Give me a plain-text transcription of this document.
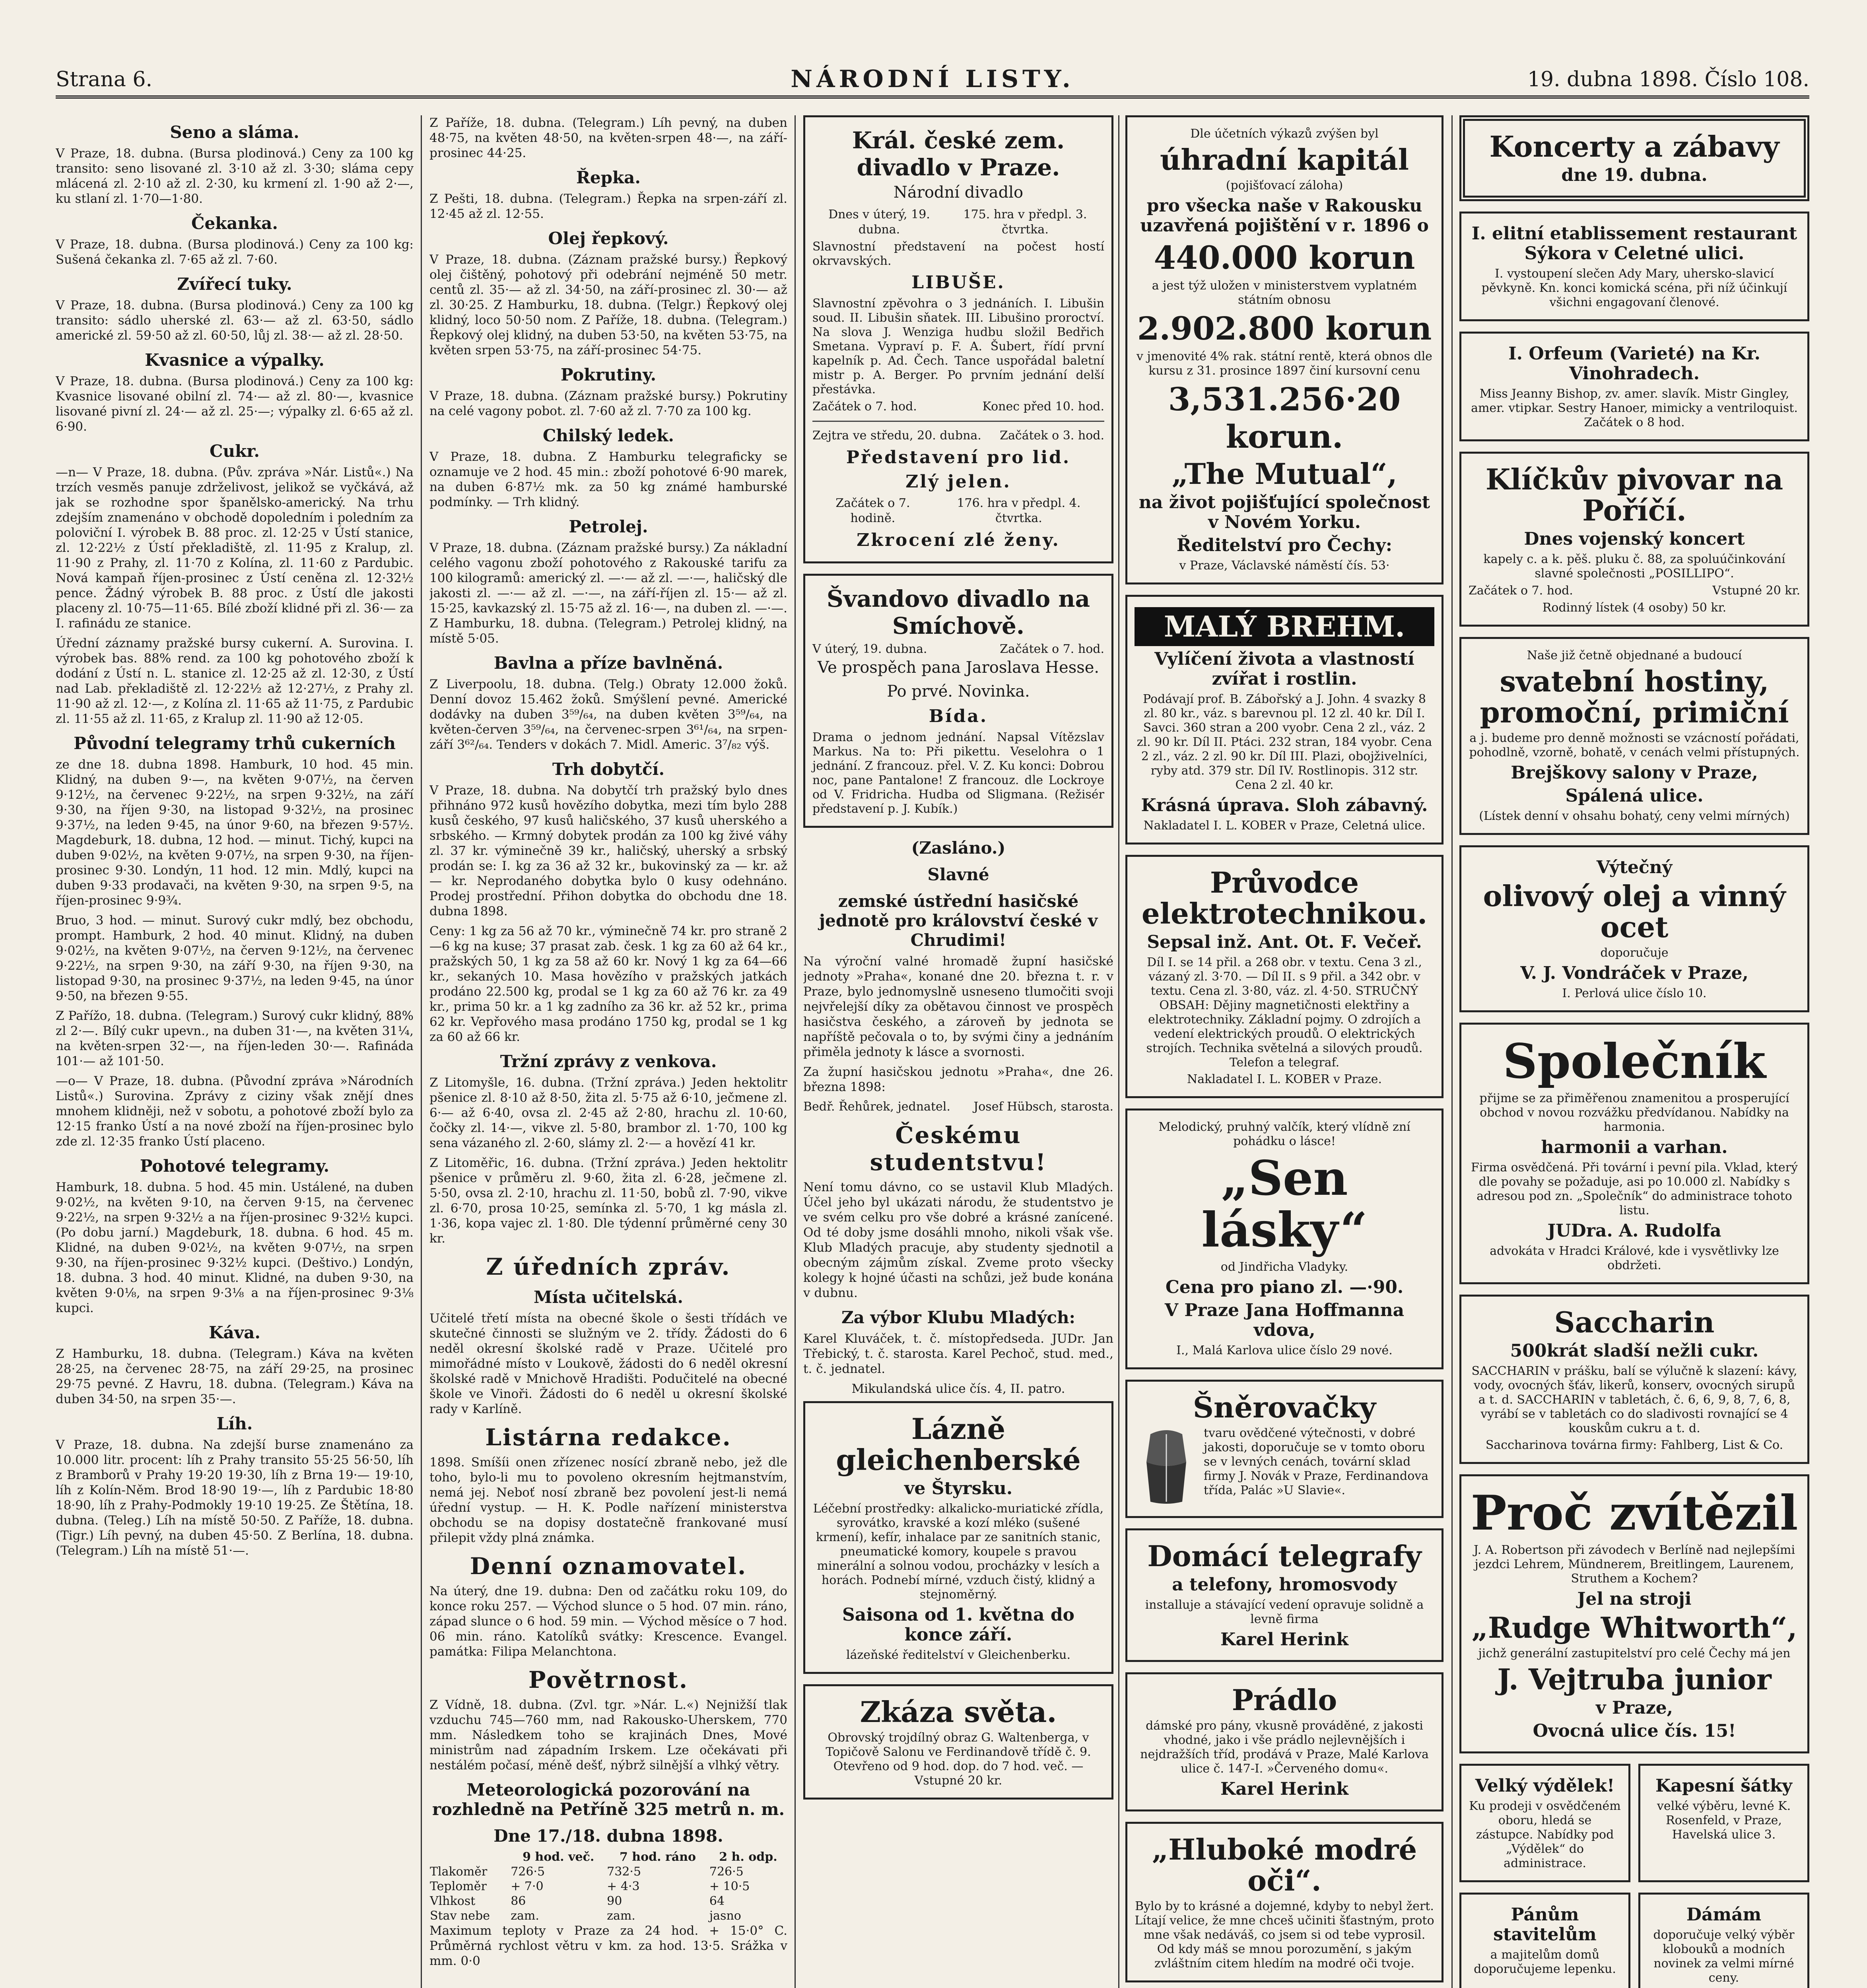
Strana 6.	NÁRODNÍ LISTY.	19. dubna 1898. Číslo 108.
Seno a sláma.

V Praze, 18. dubna. (Bursa plodinová.) Ceny za 100 kg transito: seno lisované zl. 3·10 až zl. 3·30; sláma cepy mlácená zl. 2·10 až zl. 2·30, ku krmení zl. 1·90 až 2·—, ku stlaní zl. 1·70—1·80.

Čekanka.

V Praze, 18. dubna. (Bursa plodinová.) Ceny za 100 kg: Sušená čekanka zl. 7·65 až zl. 7·60.

Zvířecí tuky.

V Praze, 18. dubna. (Bursa plodinová.) Ceny za 100 kg transito: sádlo uherské zl. 63·— až zl. 63·50, sádlo americké zl. 59·50 až zl. 60·50, lůj zl. 38·— až zl. 28·50.

Kvasnice a výpalky.

V Praze, 18. dubna. (Bursa plodinová.) Ceny za 100 kg: Kvasnice lisované obilní zl. 74·— až zl. 80·—, kvasnice lisované pivní zl. 24·— až zl. 25·—; výpalky zl. 6·65 až zl. 6·90.

Cukr.

—n— V Praze, 18. dubna. (Pův. zpráva »Nár. Listů«.) Na trzích vesměs panuje zdrželivost, jelikož se vyčkává, až jak se rozhodne spor španělsko-americký. Na trhu zdejším znamenáno v obchodě dopoledním i poledním za poloviční I. výrobek B. 88 proc. zl. 12·25 v Ústí stanice, zl. 12·22½ z Ústí překladiště, zl. 11·95 z Kralup, zl. 11·90 z Prahy, zl. 11·70 z Kolína, zl. 11·60 z Pardubic. Nová kampaň říjen-prosinec z Ústí ceněna zl. 12·32½ pence. Žádný výrobek B. 88 proc. z Ústí dle jakosti placeny zl. 10·75—11·65. Bílé zboží klidné při zl. 36·— za I. rafinádu ze stanice.

Úřední záznamy pražské bursy cukerní. A. Surovina. I. výrobek bas. 88% rend. za 100 kg pohotového zboží k dodání z Ústí n. L. stanice zl. 12·25 až zl. 12·30, z Ústí nad Lab. překladiště zl. 12·22½ až 12·27½, z Prahy zl. 11·90 až zl. 12·—, z Kolína zl. 11·65 až 11·75, z Pardubic zl. 11·55 až zl. 11·65, z Kralup zl. 11·90 až 12·05.

Původní telegramy trhů cukerních

ze dne 18. dubna 1898. Hamburk, 10 hod. 45 min. Klidný, na duben 9·—, na květen 9·07½, na červen 9·12½, na červenec 9·22½, na srpen 9·32½, na září 9·30, na říjen 9·30, na listopad 9·32½, na prosinec 9·37½, na leden 9·45, na únor 9·60, na březen 9·57½. Magdeburk, 18. dubna, 12 hod. — minut. Tichý, kupci na duben 9·02½, na květen 9·07½, na srpen 9·30, na říjen-prosinec 9·30. Londýn, 11 hod. 12 min. Mdlý, kupci na duben 9·33 prodavači, na květen 9·30, na srpen 9·5, na říjen-prosinec 9·9¾.

Bruo, 3 hod. — minut. Surový cukr mdlý, bez obchodu, prompt. Hamburk, 2 hod. 40 minut. Klidný, na duben 9·02½, na květen 9·07½, na červen 9·12½, na červenec 9·22½, na srpen 9·30, na září 9·30, na říjen 9·30, na listopad 9·30, na prosinec 9·37½, na leden 9·45, na únor 9·50, na březen 9·55.

Z Pařížo, 18. dubna. (Telegram.) Surový cukr klidný, 88% zl 2·—. Bílý cukr upevn., na duben 31·—, na květen 31¼, na květen-srpen 32·—, na říjen-leden 30·—. Rafináda 101·— až 101·50.

—o— V Praze, 18. dubna. (Původní zpráva »Národních Listů«.) Surovina. Zprávy z ciziny však znějí dnes mnohem klidněji, než v sobotu, a pohotové zboží bylo za 12·15 franko Ústí a na nové zboží na říjen-prosinec bylo zde zl. 12·35 franko Ústí placeno.

Pohotové telegramy.

Hamburk, 18. dubna. 5 hod. 45 min. Ustálené, na duben 9·02½, na květen 9·10, na červen 9·15, na červenec 9·22½, na srpen 9·32½ a na říjen-prosinec 9·32½ kupci. (Po dobu jarní.) Magdeburk, 18. dubna. 6 hod. 45 m. Klidné, na duben 9·02½, na květen 9·07½, na srpen 9·30, na říjen-prosinec 9·32½ kupci. (Deštivo.) Londýn, 18. dubna. 3 hod. 40 minut. Klidné, na duben 9·30, na květen 9·0⅛, na srpen 9·3⅛ a na říjen-prosinec 9·3⅛ kupci.

Káva.

Z Hamburku, 18. dubna. (Telegram.) Káva na květen 28·25, na červenec 28·75, na září 29·25, na prosinec 29·75 pevné. Z Havru, 18. dubna. (Telegram.) Káva na duben 34·50, na srpen 35·—.

Líh.

V Praze, 18. dubna. Na zdejší burse znamenáno za 10.000 litr. procent: líh z Prahy transito 55·25 56·50, líh z Bramborů v Prahy 19·20 19·30, líh z Brna 19·— 19·10, líh z Kolín-Něm. Brod 18·90 19·—, líh z Pardubic 18·80 18·90, líh z Prahy-Podmokly 19·10 19·25. Ze Štětína, 18. dubna. (Teleg.) Líh na místě 50·50. Z Paříže, 18. dubna. (Tigr.) Líh pevný, na duben 45·50. Z Berlína, 18. dubna. (Telegram.) Líh na místě 51·—.

Z Paříže, 18. dubna. (Telegram.) Líh pevný, na duben 48·75, na květen 48·50, na květen-srpen 48·—, na září-prosinec 44·25.

Řepka.

Z Pešti, 18. dubna. (Telegram.) Řepka na srpen-září zl. 12·45 až zl. 12·55.

Olej řepkový.

V Praze, 18. dubna. (Záznam pražské bursy.) Řepkový olej čištěný, pohotový při odebrání nejméně 50 metr. centů zl. 35·— až zl. 34·50, na září-prosinec zl. 30·— až zl. 30·25. Z Hamburku, 18. dubna. (Telgr.) Řepkový olej klidný, loco 50·50 nom. Z Paříže, 18. dubna. (Telegram.) Řepkový olej klidný, na duben 53·50, na květen 53·75, na květen srpen 53·75, na září-prosinec 54·75.

Pokrutiny.

V Praze, 18. dubna. (Záznam pražské bursy.) Pokrutiny na celé vagony pobot. zl. 7·60 až zl. 7·70 za 100 kg.

Chilský ledek.

V Praze, 18. dubna. Z Hamburku telegraficky se oznamuje ve 2 hod. 45 min.: zboží pohotové 6·90 marek, na duben 6·87½ mk. za 50 kg známé hamburské podmínky. — Trh klidný.

Petrolej.

V Praze, 18. dubna. (Záznam pražské bursy.) Za nákladní celého vagonu zboží pohotového z Rakouské tarifu za 100 kilogramů: americký zl. —·— až zl. —·—, haličský dle jakosti zl. —·— až zl. —·—, na září-říjen zl. 15·— až zl. 15·25, kavkazský zl. 15·75 až zl. 16·—, na duben zl. —·—. Z Hamburku, 18. dubna. (Telegram.) Petrolej klidný, na místě 5·05.

Bavlna a příze bavlněná.

Z Liverpoolu, 18. dubna. (Telg.) Obraty 12.000 žoků. Denní dovoz 15.462 žoků. Smýšlení pevné. Americké dodávky na duben 3⁵⁹/₆₄, na duben květen 3⁵⁹/₆₄, na květen-červen 3⁵⁹/₆₄, na červenec-srpen 3⁶¹/₆₄, na srpen-září 3⁶²/₆₄. Tenders v dokách 7. Midl. Americ. 3⁷/₈₂ výš.

Trh dobytčí.

V Praze, 18. dubna. Na dobytčí trh pražský bylo dnes přihnáno 972 kusů hovězího dobytka, mezi tím bylo 288 kusů českého, 97 kusů haličského, 37 kusů uherského a srbského. — Krmný dobytek prodán za 100 kg živé váhy zl. 37 kr. výminečně 39 kr., haličský, uherský a srbský prodán se: I. kg za 36 až 32 kr., bukovinský za — kr. až — kr. Neprodaného dobytka bylo 0 kusy odehnáno. Prodej prostřední. Přihon dobytka do obchodu dne 18. dubna 1898.

Ceny: 1 kg za 56 až 70 kr., výminečně 74 kr. pro straně 2—6 kg na kuse; 37 prasat zab. česk. 1 kg za 60 až 64 kr., pražských 50, 1 kg za 58 až 60 kr. Nový 1 kg za 64—66 kr., sekaných 10. Masa hovězího v pražských jatkách prodáno 22.500 kg, prodal se 1 kg za 60 až 76 kr. za 49 kr., prima 50 kr. a 1 kg zadního za 36 kr. až 52 kr., prima 62 kr. Vepřového masa prodáno 1750 kg, prodal se 1 kg za 60 až 66 kr.

Tržní zprávy z venkova.

Z Litomyšle, 16. dubna. (Tržní zpráva.) Jeden hektolitr pšenice zl. 8·10 až 8·50, žita zl. 5·75 až 6·10, ječmene zl. 6·— až 6·40, ovsa zl. 2·45 až 2·80, hrachu zl. 10·60, čočky zl. 14·—, vikve zl. 5·80, brambor zl. 1·70, 100 kg sena vázaného zl. 2·60, slámy zl. 2·— a hovězí 41 kr.

Z Litoměřic, 16. dubna. (Tržní zpráva.) Jeden hektolitr pšenice v průměru zl. 9·60, žita zl. 6·28, ječmene zl. 5·50, ovsa zl. 2·10, hrachu zl. 11·50, bobů zl. 7·90, vikve zl. 6·70, prosa 10·25, semínka zl. 5·70, 1 kg másla zl. 1·36, kopa vajec zl. 1·80. Dle týdenní průměrné ceny 30 kr.

Z úředních zpráv.
Místa učitelská.

Učitelé třetí místa na obecné škole o šesti třídách ve skutečné činnosti se služným ve 2. třídy. Žádosti do 6 neděl okresní školské radě v Praze. Učitelé pro mimořádné místo v Loukově, žádosti do 6 neděl okresní školské radě v Mnichově Hradišti. Podučitelé na obecné škole ve Vinoři. Žádosti do 6 neděl u okresní školské rady v Karlíně.

Listárna redakce.

1898. Smíšíi onen zřízenec nosící zbraně nebo, jež dle toho, bylo-li mu to povoleno okresním hejtmanstvím, nemá jej. Neboť nosí zbraně bez povolení jest-li nemá úřední vystup. — H. K. Podle nařízení ministerstva obchodu se na dopisy dostatečně frankované musí přilepit vždy plná známka.

Denní oznamovatel.

Na úterý, dne 19. dubna: Den od začátku roku 109, do konce roku 257. — Východ slunce o 5 hod. 07 min. ráno, západ slunce o 6 hod. 59 min. — Východ měsíce o 7 hod. 06 min. ráno. Katolíků svátky: Krescence. Evangel. památka: Filipa Melanchtona.

Povětrnost.

Z Vídně, 18. dubna. (Zvl. tgr. »Nár. L.«) Nejnižší tlak vzduchu 745—760 mm, nad Rakousko-Uherskem, 770 mm. Následkem toho se krajinách Dnes, Mové ministrům nad západním Irskem. Lze očekávati při nestálém počasí, méně dešť, nýbrž silnější a vlhký větry.

Meteorologická pozorování na rozhledně na Petříně 325 metrů n. m.
Dne 17./18. dubna 1898.
	9 hod. več.	7 hod. ráno	2 h. odp.
Tlakoměr	726·5	732·5	726·5
Teploměr	+ 7·0	+ 4·3	+ 10·5
Vlhkost	86	90	64
Stav nebe	zam.	zam.	jasno

Maximum teploty v Praze za 24 hod. + 15·0° C. Průměrná rychlost větru v km. za hod. 13·5. Srážka v mm. 0·0

Král. české zem. divadlo v Praze.
Národní divadlo
Dnes v úterý, 19. dubna.
175. hra v předpl. 3. čtvrtka.

Slavnostní představení na počest hostí okrvavských.

LIBUŠE.

Slavnostní zpěvohra o 3 jednáních. I. Libušin soud. II. Libušin sňatek. III. Libušino proroctví. Na slova J. Wenziga hudbu složil Bedřich Smetana. Vypraví p. F. A. Šubert, řídí první kapelník p. Ad. Čech. Tance uspořádal baletní mistr p. A. Berger. Po prvním jednání delší přestávka.

Začátek o 7. hod.	Konec před 10. hod.
Zejtra ve středu, 20. dubna. Začátek o 3. hod.
Představení pro lid.
Zlý jelen.
Začátek o 7. hodině.
176. hra v předpl. 4. čtvrtka.
Zkrocení zlé ženy.
Švandovo divadlo na Smíchově.
V úterý, 19. dubna.	Začátek o 7. hod.
Ve prospěch pana Jaroslava Hesse.
Po prvé. Novinka.
Bída.

Drama o jednom jednání. Napsal Vítězslav Markus. Na to: Při pikettu. Veselohra o 1 jednání. Z francouz. přel. V. Z. Ku konci: Dobrou noc, pane Pantalone! Z francouz. dle Lockroye od V. Fridricha. Hudba od Sligmana. (Režisér představení p. J. Kubík.)

(Zasláno.)
Slavné
zemské ústřední hasičské jednotě pro království české v Chrudimi!

Na výroční valné hromadě župní hasičské jednoty »Praha«, konané dne 20. března t. r. v Praze, bylo jednomyslně usneseno tlumočiti svoji nejvřelejší díky za obětavou činnost ve prospěch hasičstva českého, a zároveň by jednota se napříště pečovala o to, by svými činy a jednáním přiměla jednoty k lásce a svornosti.

Za župní hasičskou jednotu »Praha«, dne 26. března 1898:

Bedř. Řehůrek, jednatel. Josef Hübsch, starosta.
Českému studentstvu!

Není tomu dávno, co se ustavil Klub Mladých. Účel jeho byl ukázati národu, že studentstvo je ve svém celku pro vše dobré a krásné zanícené. Od té doby jsme dosáhli mnoho, nikoli však vše. Klub Mladých pracuje, aby studenty sjednotil a obecným zájmům získal. Zveme proto všecky kolegy k hojné účasti na schůzi, jež bude konána v dubnu.

Za výbor Klubu Mladých:

Karel Kluváček, t. č. místopředseda. JUDr. Jan Třebický, t. č. starosta. Karel Pechoč, stud. med., t. č. jednatel.

Mikulandská ulice čís. 4, II. patro.

Lázně gleichenberské
ve Štyrsku.

Léčební prostředky: alkalicko-muriatické zřídla, syrovátko, kravské a kozí mléko (sušené krmení), kefír, inhalace par ze sanitních stanic, pneumatické komory, koupele s pravou minerální a solnou vodou, procházky v lesích a horách. Podnebí mírné, vzduch čistý, klidný a stejnoměrný.

Saisona od 1. května do konce září.

lázeňské ředitelství v Gleichenberku.

Zkáza světa.

Obrovský trojdílný obraz G. Waltenberga, v Topičově Salonu ve Ferdinandově třídě č. 9. Otevřeno od 9 hod. dop. do 7 hod. več. — Vstupné 20 kr.

Dle účetních výkazů zvýšen byl

úhradní kapitál

(pojišťovací záloha)

pro všecka naše v Rakousku uzavřená pojištění v r. 1896 o
440.000 korun

a jest týž uložen v ministerstvem vyplatném státním obnosu

2.902.800 korun

v jmenovité 4% rak. státní rentě, která obnos dle kursu z 31. prosince 1897 činí kursovní cenu

3,531.256·20 korun.
„The Mutual“,
na život pojišťující společnost v Novém Yorku.
Ředitelství pro Čechy:

v Praze, Václavské náměstí čís. 53·

MALÝ BREHM.
Vylíčení života a vlastností zvířat i rostlin.

Podávají prof. B. Zábořský a J. John. 4 svazky 8 zl. 80 kr., váz. s barevnou pl. 12 zl. 40 kr. Díl I. Savci. 360 stran a 200 vyobr. Cena 2 zl., váz. 2 zl. 90 kr. Díl II. Ptáci. 232 stran, 184 vyobr. Cena 2 zl., váz. 2 zl. 90 kr. Díl III. Plazi, obojživelníci, ryby atd. 379 str. Díl IV. Rostlinopis. 312 str. Cena 2 zl. 40 kr.

Krásná úprava. Sloh zábavný.

Nakladatel I. L. KOBER v Praze, Celetná ulice.

Průvodce elektrotechnikou.
Sepsal inž. Ant. Ot. F. Večeř.

Díl I. se 14 přil. a 268 obr. v textu. Cena 3 zl., vázaný zl. 3·70. — Díl II. s 9 přil. a 342 obr. v textu. Cena zl. 3·80, váz. zl. 4·50. STRUČNÝ OBSAH: Dějiny magnetičnosti elektřiny a elektrotechniky. Základní pojmy. O zdrojích a vedení elektrických proudů. O elektrických strojích. Technika světelná a silových proudů. Telefon a telegraf.

Nakladatel I. L. KOBER v Praze.

Melodický, pruhný valčík, který vlídně zní pohádku o lásce!

„Sen lásky“

od Jindřicha Vladyky.

Cena pro piano zl. —·90.
V Praze Jana Hoffmanna vdova,

I., Malá Karlova ulice číslo 29 nové.

Šněrovačky

tvaru ovědčené výtečnosti, v dobré jakosti, doporučuje se v tomto oboru se v levných cenách, tovární sklad firmy J. Novák v Praze, Ferdinandova třída, Palác »U Slavie«.

Domácí telegrafy
a telefony, hromosvody

installuje a stávající vedení opravuje solidně a levně firma

Karel Herink
Prádlo

dámské pro pány, vkusně prováděné, z jakosti vhodné, jako i vše prádlo nejlevnějších i nejdražších tříd, prodává v Praze, Malé Karlova ulice č. 147-I. »Červeného domu«.

Karel Herink
„Hluboké modré oči“.

Bylo by to krásné a dojemné, kdyby to nebyl žert. Lítají velice, že mne chceš učiniti šťastným, proto mne však nedáváš, co jsem si od tebe vyprosil. Od kdy máš se mnou porozumění, s jakým zvláštním citem hledím na modré oči tvoje.

Koncerty a zábavy
dne 19. dubna.
I. elitní etablissement restaurant Sýkora v Celetné ulici.

I. vystoupení slečen Ady Mary, uhersko-slavicí pěvkyně. Kn. konci komická scéna, při níž účinkují všichni engagovaní členové.

I. Orfeum (Varieté) na Kr. Vinohradech.

Miss Jeanny Bishop, zv. amer. slavík. Mistr Gingley, amer. vtipkar. Sestry Hanoer, mimicky a ventriloquist. Začátek o 8 hod.

Klíčkův pivovar na Poříčí.
Dnes vojenský koncert

kapely c. a k. pěš. pluku č. 88, za spoluúčinkování slavné společnosti „POSILLIPO“.

Začátek o 7. hod.	Vstupné 20 kr.

Rodinný lístek (4 osoby) 50 kr.

Naše již četně objednané a budoucí

svatební hostiny, promoční, primiční

a j. budeme pro denně možnosti se vzácností pořádati, pohodlně, vzorně, bohatě, v cenách velmi přístupných.

Brejškovy salony v Praze,
Spálená ulice.

(Lístek denní v ohsahu bohatý, ceny velmi mírných)

Výtečný
olivový olej a vinný ocet

doporučuje

V. J. Vondráček v Praze,

I. Perlová ulice číslo 10.

Společník

přijme se za přiměřenou znamenitou a prosperující obchod v novou rozvážku předvídanou. Nabídky na harmonia.

harmonii a varhan.

Firma osvědčená. Při tovární i pevní pila. Vklad, který dle povahy se požaduje, asi po 10.000 zl. Nabídky s adresou pod zn. „Společník“ do administrace tohoto listu.

JUDra. A. Rudolfa

advokáta v Hradci Králové, kde i vysvětlivky lze obdržeti.

Saccharin
500krát sladší nežli cukr.

SACCHARIN v prášku, balí se výlučně k slazení: kávy, vody, ovocných šťáv, likerů, konserv, ovocných sirupů a t. d. SACCHARIN v tabletách, č. 6, 6, 9, 8, 7, 6, 8, vyrábí se v tabletách co do sladivosti rovnající se 4 kouskům cukru a t. d.

Saccharinova továrna firmy: Fahlberg, List & Co.

Proč zvítězil

J. A. Robertson při závodech v Berlíně nad nejlepšími jezdci Lehrem, Mündnerem, Breitlingem, Laurenem, Struthem a Kochem?

Jel na stroji
„Rudge Whitworth“,

jichž generální zastupitelství pro celé Čechy má jen

J. Vejtruba junior
v Praze,
Ovocná ulice čís. 15!
Velký výdělek!

Ku prodeji v osvědčeném oboru, hledá se zástupce. Nabídky pod „Výdělek“ do administrace.

Kapesní šátky

velké výběru, levné K. Rosenfeld, v Praze, Havelská ulice 3.

Pánům stavitelům

a majitelům domů doporučujeme lepenku.

Dámám

doporučuje velký výběr klobouků a modních novinek za velmi mírné ceny.
